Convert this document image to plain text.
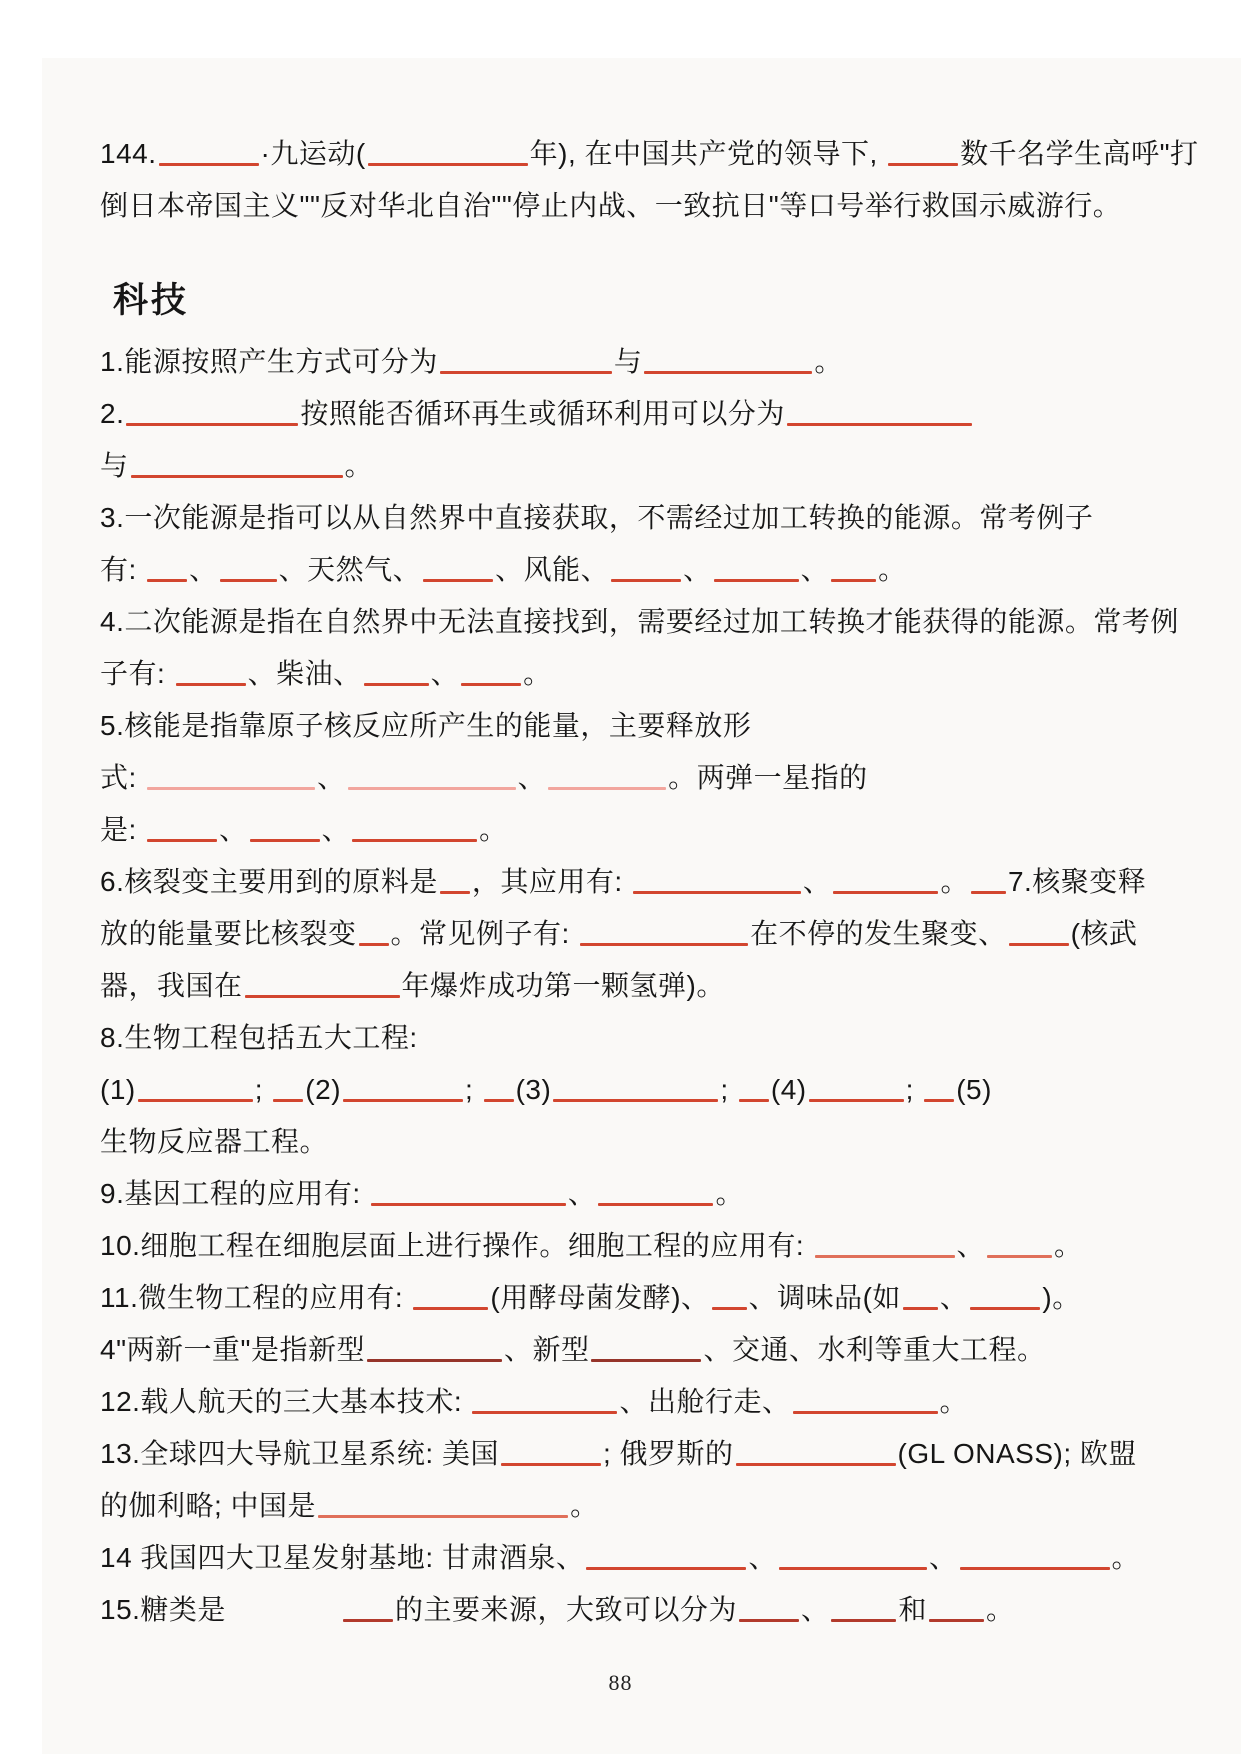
144.	·九运动(	年), 在中国共产党的领导下,	数千名学生高呼"打
倒日本帝国主义""反对华北自治""停止内战、一致抗日"等口号举行救国示威游行。
科技
1.能源按照产生方式可分为	与	。
2.	按照能否循环再生或循环利用可以分为
与	。
3.一次能源是指可以从自然界中直接获取，不需经过加工转换的能源。常考例子
有: 、 、天然气、	、风能、	、	、 。
4.二次能源是指在自然界中无法直接找到，需要经过加工转换才能获得的能源。常考例
子有:	、柴油、 、 。
5.核能是指靠原子核反应所产生的能量，主要释放形
式:	、	、	。两弹一星指的
是:	、	、	。
6.核裂变主要用到的原料是 ，其应用有:	、	。 7.核聚变释
放的能量要比核裂变 。常见例子有:	在不停的发生聚变、 (核武
器，我国在	年爆炸成功第一颗氢弹)。
8.生物工程包括五大工程:
(1)	; (2)	; (3)	; (4)	; (5)
生物反应器工程。
9.基因工程的应用有:	、	。
10.细胞工程在细胞层面上进行操作。细胞工程的应用有:	、 。
11.微生物工程的应用有:	(用酵母菌发酵)、 、调味品(如 、	)。
4"两新一重"是指新型	、新型	、交通、水利等重大工程。
12.载人航天的三大基本技术:	、出舱行走、	。
13.全球四大导航卫星系统: 美国	; 俄罗斯的	(GL ONASS); 欧盟
的伽利略; 中国是	。
14 我国四大卫星发射基地: 甘肃酒泉、	、	、	。
15.糖类是	的主要来源，大致可以分为 、 和 。
88
